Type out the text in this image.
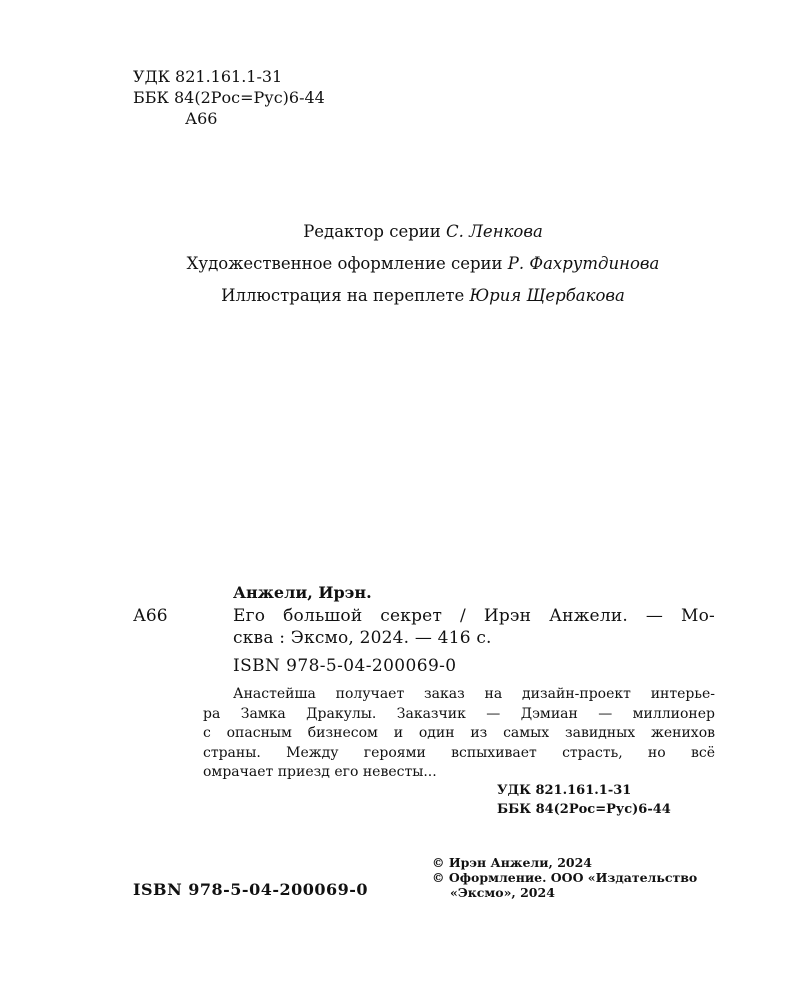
УДК 821.161.1-31
ББК 84(2Рос=Рус)6-44
А66
Редактор серии С. Ленкова
Художественное оформление серии Р. Фахрутдинова
Иллюстрация на переплете Юрия Щербакова
Анжели, Ирэн.
А66	Его большой секрет / Ирэн Анжели. — Мо-
сква : Эксмо, 2024. — 416 с.
ISBN 978-5-04-200069-0
Анастейша получает заказ на дизайн-проект интерье-
ра Замка Дракулы. Заказчик — Дэмиан — миллионер
с опасным бизнесом и один из самых завидных женихов
страны. Между героями вспыхивает страсть, но всё
омрачает приезд его невесты...
УДК 821.161.1-31
ББК 84(2Рос=Рус)6-44
© Ирэн Анжели, 2024
© Оформление. ООО «Издательство
«Эксмо», 2024
ISBN 978-5-04-200069-0
